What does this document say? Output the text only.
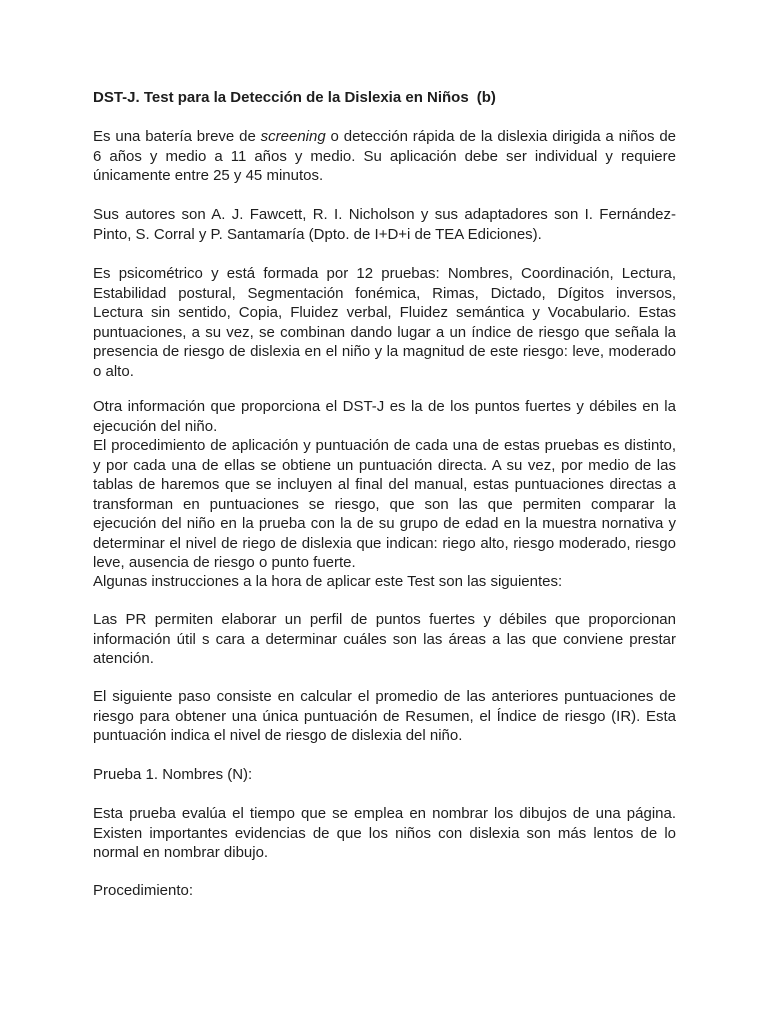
DST-J. Test para la Detección de la Dislexia en Niños (b)

Es una batería breve de screening o detección rápida de la dislexia dirigida a niños de 6 años y medio a 11 años y medio. Su aplicación debe ser individual y requiere únicamente entre 25 y 45 minutos.

Sus autores son A. J. Fawcett, R. I. Nicholson y sus adaptadores son I. Fernández-Pinto, S. Corral y P. Santamaría (Dpto. de I+D+i de TEA Ediciones).

Es psicométrico y está formada por 12 pruebas: Nombres, Coordinación, Lectura, Estabilidad postural, Segmentación fonémica, Rimas, Dictado, Dígitos inversos, Lectura sin sentido, Copia, Fluidez verbal, Fluidez semántica y Vocabulario. Estas puntuaciones, a su vez, se combinan dando lugar a un índice de riesgo que señala la presencia de riesgo de dislexia en el niño y la magnitud de este riesgo: leve, moderado o alto.

Otra información que proporciona el DST-J es la de los puntos fuertes y débiles en la ejecución del niño.

El procedimiento de aplicación y puntuación de cada una de estas pruebas es distinto, y por cada una de ellas se obtiene un puntuación directa. A su vez, por medio de las tablas de haremos que se incluyen al final del manual, estas puntuaciones directas a transforman en puntuaciones se riesgo, que son las que permiten comparar la ejecución del niño en la prueba con la de su grupo de edad en la muestra nornativa y determinar el nivel de riego de dislexia que indican: riego alto, riesgo moderado, riesgo leve, ausencia de riesgo o punto fuerte.

Algunas instrucciones a la hora de aplicar este Test son las siguientes:

Las PR permiten elaborar un perfil de puntos fuertes y débiles que proporcionan información útil s cara a determinar cuáles son las áreas a las que conviene prestar atención.

El siguiente paso consiste en calcular el promedio de las anteriores puntuaciones de riesgo para obtener una única puntuación de Resumen, el Índice de riesgo (IR). Esta puntuación indica el nivel de riesgo de dislexia del niño.

Prueba 1. Nombres (N):

Esta prueba evalúa el tiempo que se emplea en nombrar los dibujos de una página. Existen importantes evidencias de que los niños con dislexia son más lentos de lo normal en nombrar dibujo.

Procedimiento:
